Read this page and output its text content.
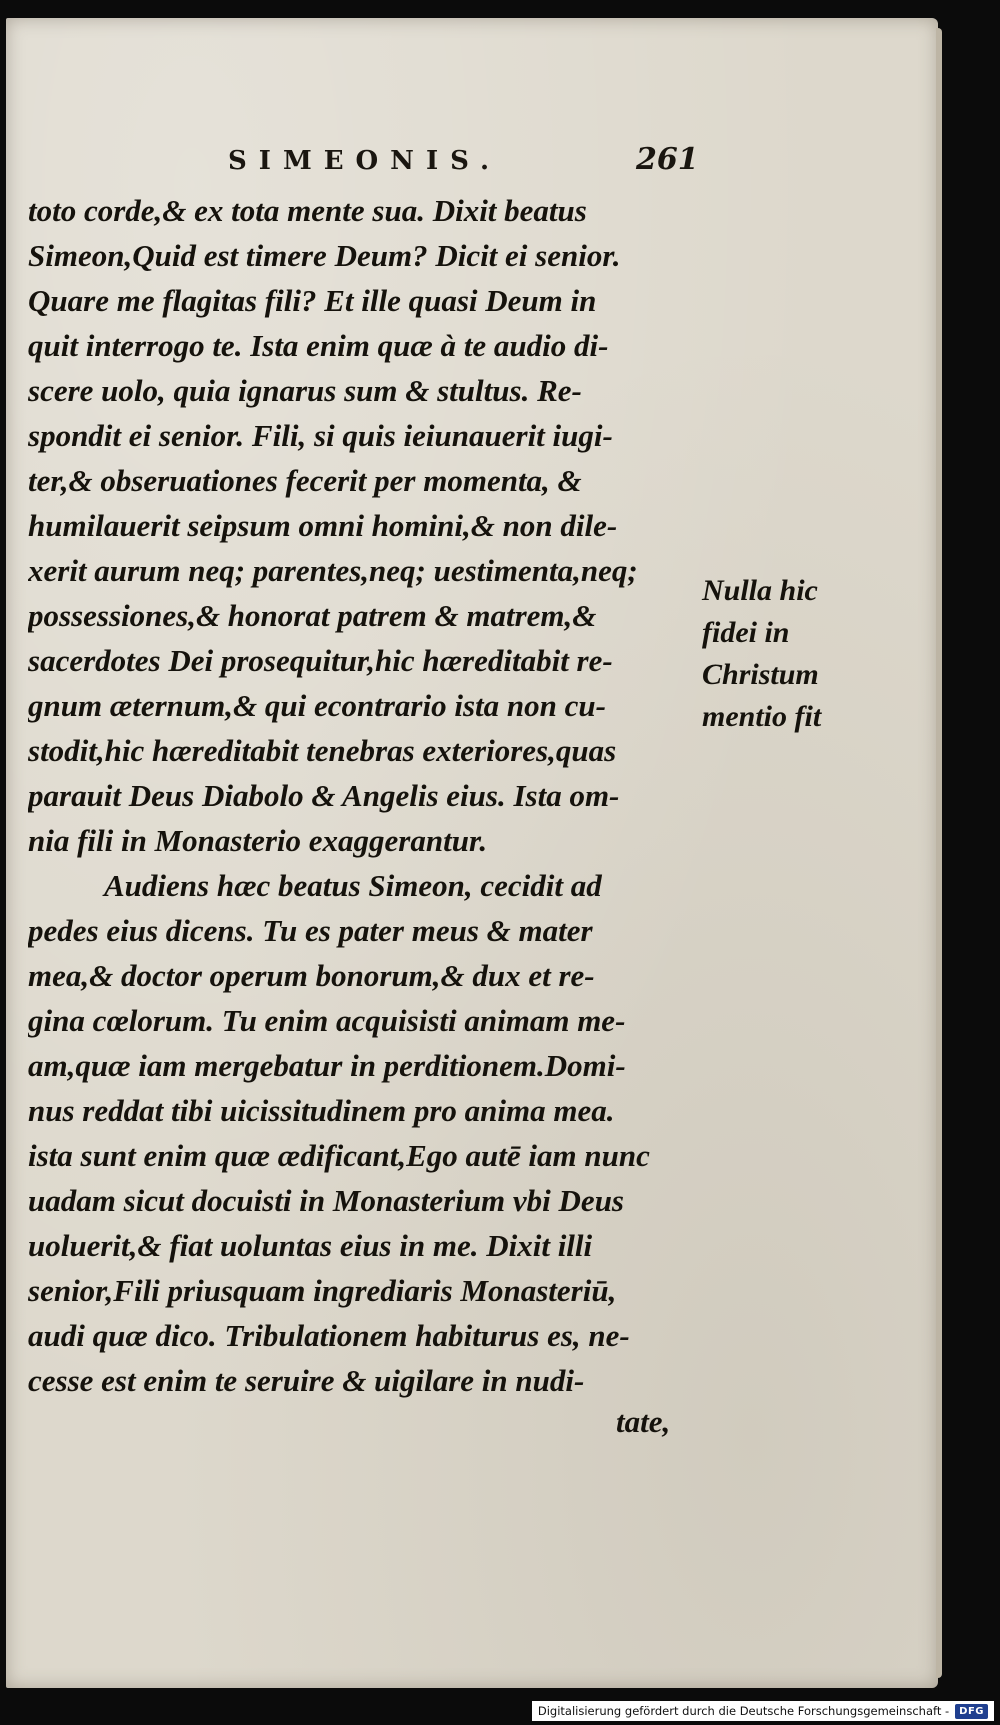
SIMEONIS.	261
toto corde,& ex tota mente sua. Dixit beatus
Simeon,Quid est timere Deum? Dicit ei senior.
Quare me flagitas fili? Et ille quasi Deum in
quit interrogo te. Ista enim quæ à te audio di-
scere uolo, quia ignarus sum & stultus. Re-
spondit ei senior. Fili, si quis ieiunauerit iugi-
ter,& obseruationes fecerit per momenta, &
humilauerit seipsum omni homini,& non dile-
xerit aurum neq; parentes,neq; uestimenta,neq;
possessiones,& honorat patrem & matrem,&
sacerdotes Dei prosequitur,hic hæreditabit re-
gnum æternum,& qui econtrario ista non cu-
stodit,hic hæreditabit tenebras exteriores,quas
parauit Deus Diabolo & Angelis eius. Ista om-
nia fili in Monasterio exaggerantur.
Audiens hæc beatus Simeon, cecidit ad
pedes eius dicens. Tu es pater meus & mater
mea,& doctor operum bonorum,& dux et re-
gina cœlorum. Tu enim acquisisti animam me-
am,quæ iam mergebatur in perditionem.Domi-
nus reddat tibi uicissitudinem pro anima mea.
ista sunt enim quæ ædificant,Ego autē iam nunc
uadam sicut docuisti in Monasterium vbi Deus
uoluerit,& fiat uoluntas eius in me. Dixit illi
senior,Fili priusquam ingrediaris Monasteriū,
audi quæ dico. Tribulationem habiturus es, ne-
cesse est enim te seruire & uigilare in nudi-
tate,
Nulla hic
fidei in
Christum
mentio fit
Digitalisierung gefördert durch die Deutsche Forschungsgemeinschaft -	DFG
